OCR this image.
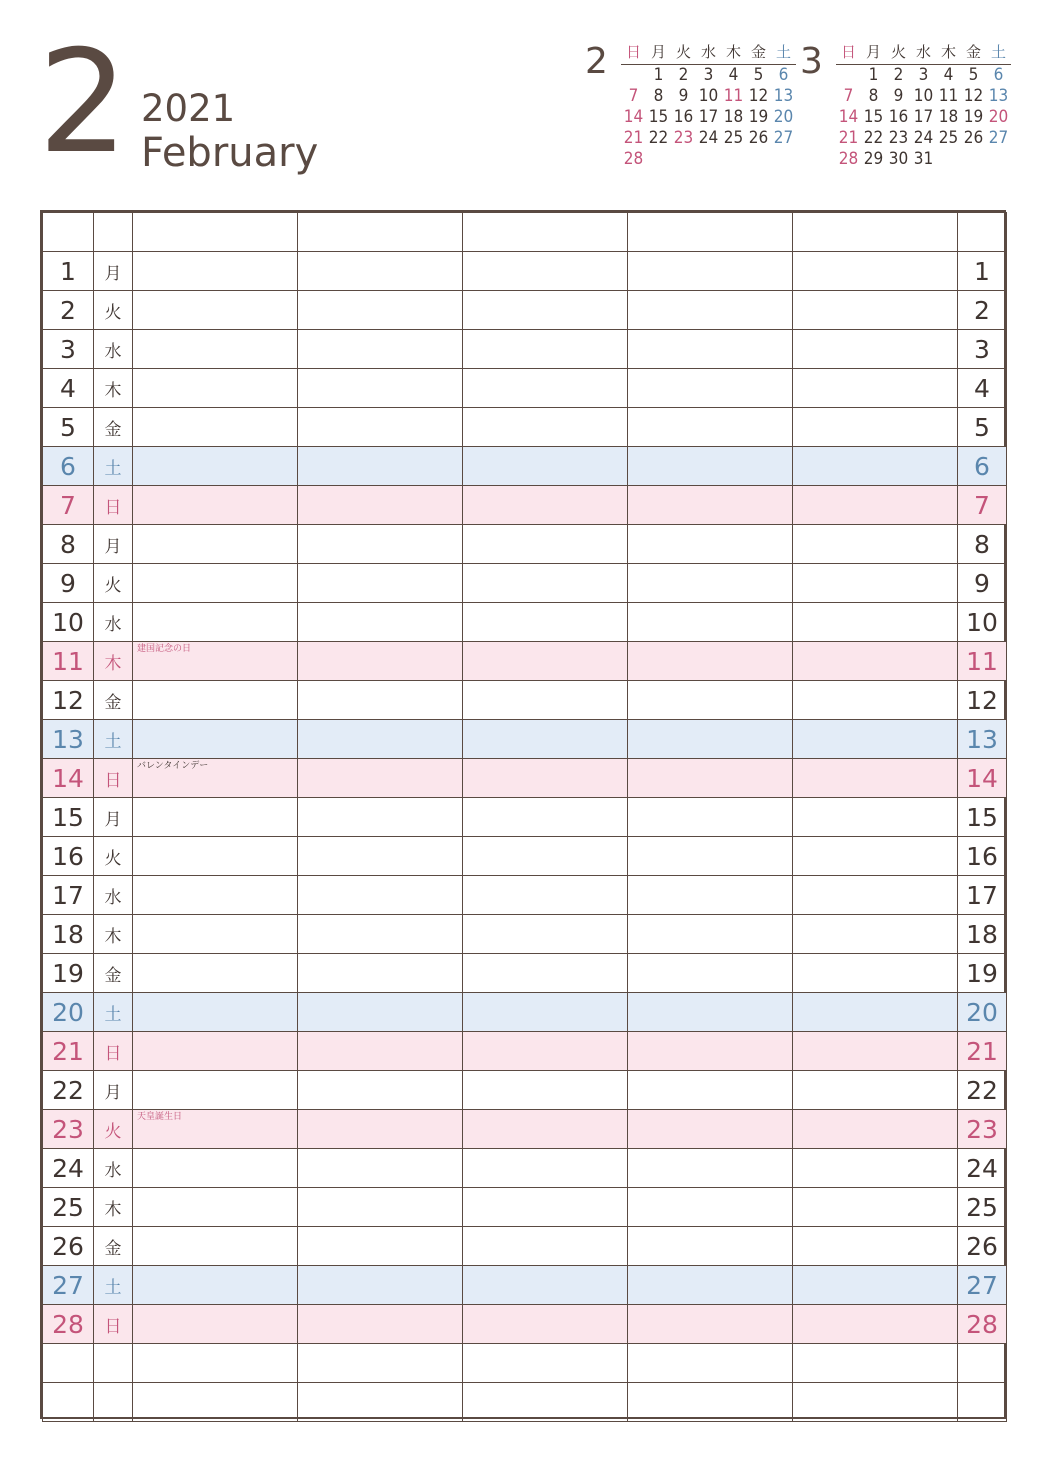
2 2021
February
2 日	月	火	水	木	金	土
	1	2	3	4	5	6
7	8	9	10	11	12	13
14	15	16	17	18	19	20
21	22	23	24	25	26	27
28						
3 日	月	火	水	木	金	土
	1	2	3	4	5	6
7	8	9	10	11	12	13
14	15	16	17	18	19	20
21	22	23	24	25	26	27
28	29	30	31			

1	月						1
2	火						2
3	水						3
4	木						4
5	金						5
6	土						6
7	日						7
8	月						8
9	火						9
10	水						10
11	木	建国記念の日					11
12	金						12
13	土						13
14	日	バレンタインデー					14
15	月						15
16	火						16
17	水						17
18	木						18
19	金						19
20	土						20
21	日						21
22	月						22
23	火	天皇誕生日					23
24	水						24
25	木						25
26	金						26
27	土						27
28	日						28
